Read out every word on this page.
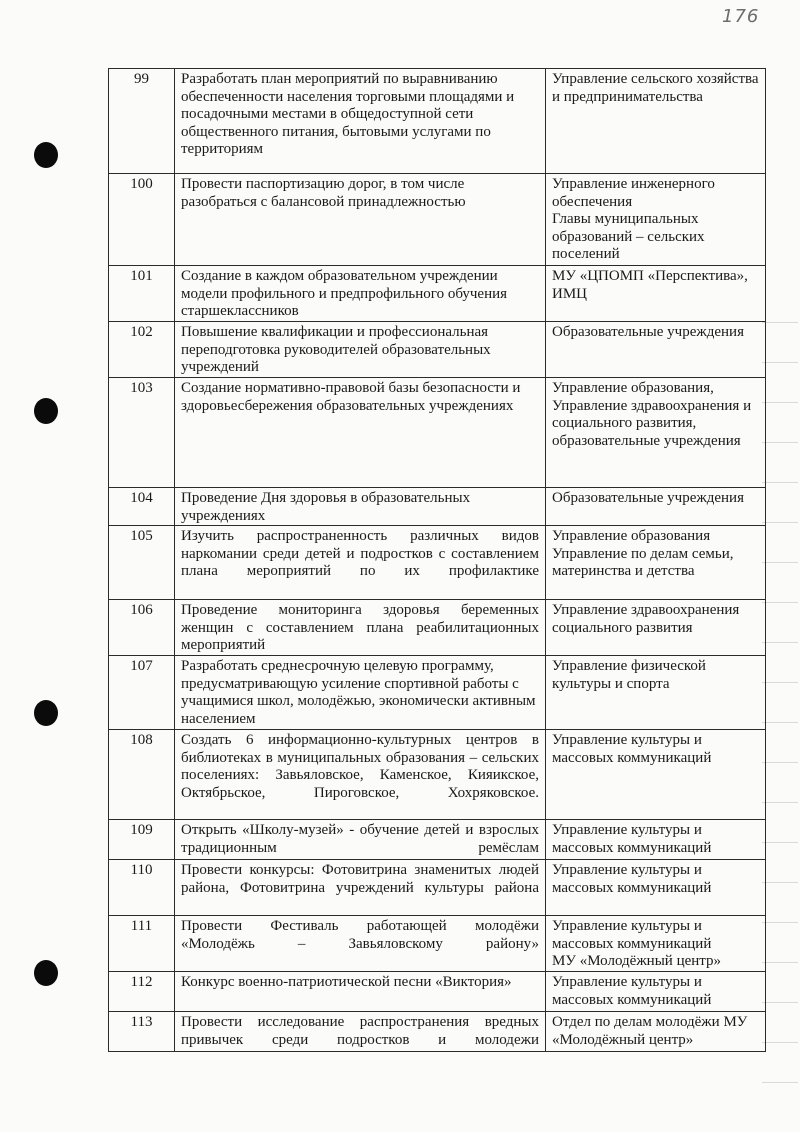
176
99	Разработать план мероприятий по выравниванию обеспеченности населения торговыми площадями и посадочными местами в общедоступной сети общественного питания, бытовыми услугами по территориям	Управление сельского хозяйства и предпринимательства
100	Провести паспортизацию дорог, в том числе разобраться с балансовой принадлежностью	Управление инженерного обеспечения
Главы муниципальных образований – сельских поселений
101	Создание в каждом образовательном учреждении модели профильного и предпрофильного обучения старшеклассников	МУ «ЦПОМП «Перспектива», ИМЦ
102	Повышение квалификации и профессиональная переподготовка руководителей образовательных учреждений	Образовательные учреждения
103	Создание нормативно-правовой базы безопасности и здоровьесбережения образовательных учреждениях	Управление образования, Управление здравоохранения и социального развития, образовательные учреждения
104	Проведение Дня здоровья в образовательных учреждениях	Образовательные учреждения
105	Изучить распространенность различных видов наркомании среди детей и подростков с составлением плана мероприятий по их профилактике	Управление образования
Управление по делам семьи, материнства и детства
106	Проведение мониторинга здоровья беременных женщин с составлением плана реабилитационных мероприятий	Управление здравоохранения социального развития
107	Разработать среднесрочную целевую программу, предусматривающую усиление спортивной работы с учащимися школ, молодёжью, экономически активным населением	Управление физической культуры и спорта
108	Создать 6 информационно-культурных центров в библиотеках в муниципальных образования – сельских поселениях: Завьяловское, Каменское, Кияикское, Октябрьское, Пироговское, Хохряковское.	Управление культуры и массовых коммуникаций
109	Открыть «Школу-музей» - обучение детей и взрослых традиционным ремёслам	Управление культуры и массовых коммуникаций
110	Провести конкурсы: Фотовитрина знаменитых людей района, Фотовитрина учреждений культуры района	Управление культуры и массовых коммуникаций
111	Провести Фестиваль работающей молодёжи «Молодёжь – Завьяловскому району»	Управление культуры и массовых коммуникаций
МУ «Молодёжный центр»
112	Конкурс военно-патриотической песни «Виктория»	Управление культуры и массовых коммуникаций
113	Провести исследование распространения вредных привычек среди подростков и молодежи	Отдел по делам молодёжи МУ «Молодёжный центр»
